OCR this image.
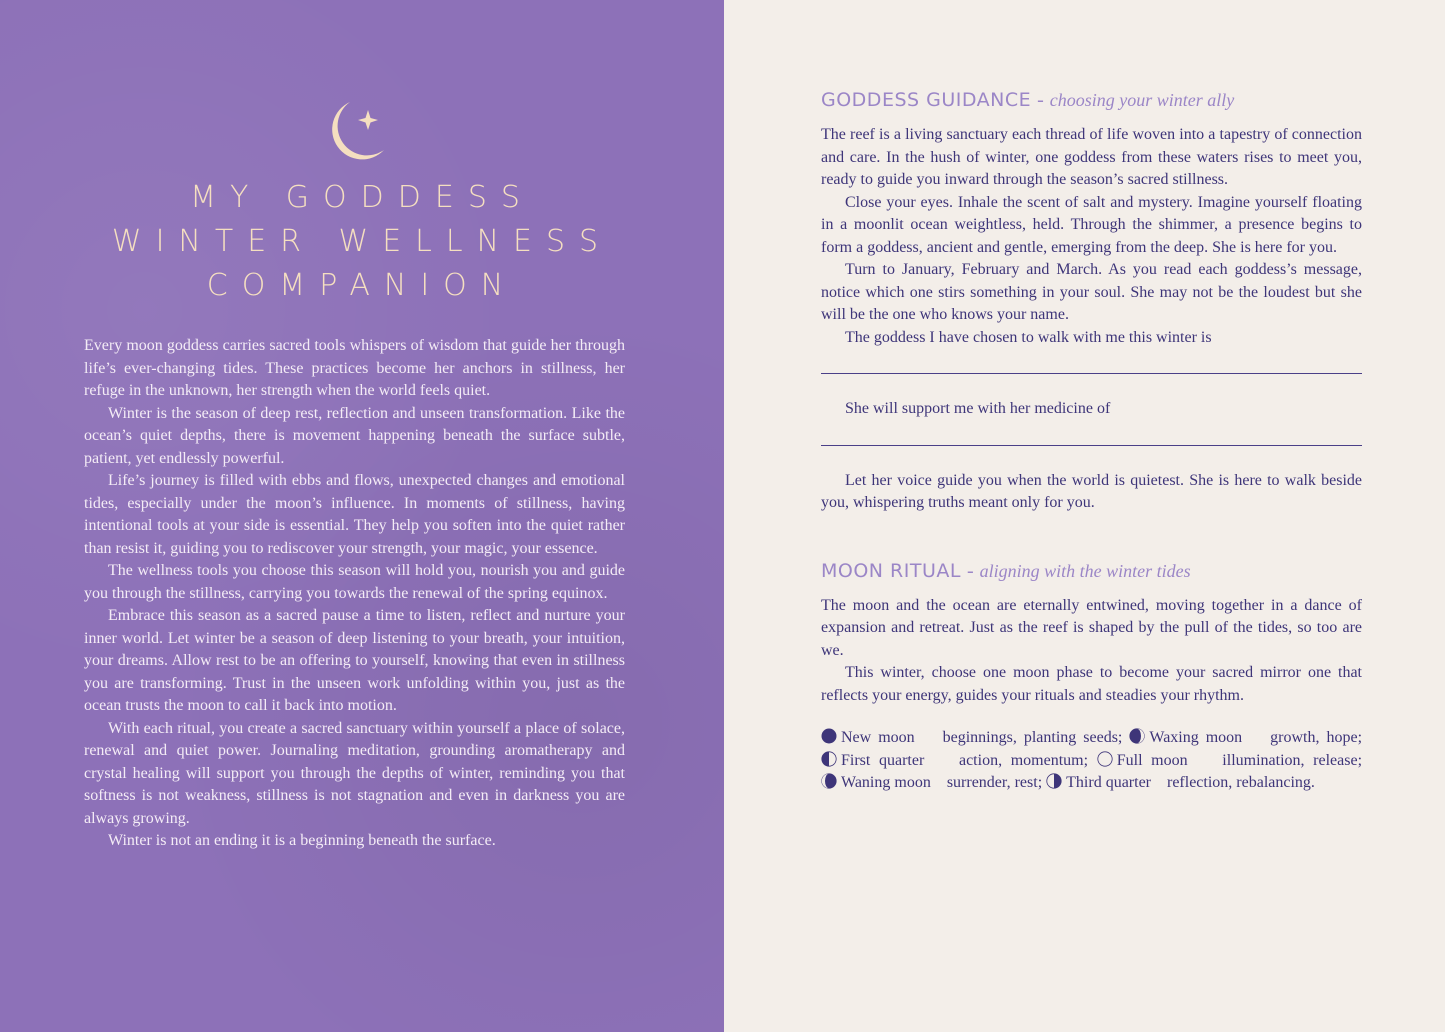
MY GODDESS
WINTER WELLNESS
COMPANION

Every moon goddess carries sacred tools whispers of wisdom that guide her through life’s ever-changing tides. These practices become her anchors in stillness, her refuge in the unknown, her strength when the world feels quiet.

Winter is the season of deep rest, reflection and unseen transformation. Like the ocean’s quiet depths, there is movement happening beneath the surface subtle, patient, yet endlessly powerful.

Life’s journey is filled with ebbs and flows, unexpected changes and emotional tides, especially under the moon’s influence. In moments of stillness, having intentional tools at your side is essential. They help you soften into the quiet rather than resist it, guiding you to rediscover your strength, your magic, your essence.

The wellness tools you choose this season will hold you, nourish you and guide you through the stillness, carrying you towards the renewal of the spring equinox.

Embrace this season as a sacred pause a time to listen, reflect and nurture your inner world. Let winter be a season of deep listening to your breath, your intuition, your dreams. Allow rest to be an offering to yourself, knowing that even in stillness you are transforming. Trust in the unseen work unfolding within you, just as the ocean trusts the moon to call it back into motion.

With each ritual, you create a sacred sanctuary within yourself a place of solace, renewal and quiet power. Journaling meditation, grounding aromatherapy and crystal healing will support you through the depths of winter, reminding you that softness is not weakness, stillness is not stagnation and even in darkness you are always growing.

Winter is not an ending it is a beginning beneath the surface.

GODDESS GUIDANCE - choosing your winter ally

The reef is a living sanctuary each thread of life woven into a tapestry of connection and care. In the hush of winter, one goddess from these waters rises to meet you, ready to guide you inward through the season’s sacred stillness.

Close your eyes. Inhale the scent of salt and mystery. Imagine yourself floating in a moonlit ocean weightless, held. Through the shimmer, a presence begins to form a goddess, ancient and gentle, emerging from the deep. She is here for you.

Turn to January, February and March. As you read each goddess’s message, notice which one stirs something in your soul. She may not be the loudest but she will be the one who knows your name.

The goddess I have chosen to walk with me this winter is

She will support me with her medicine of

Let her voice guide you when the world is quietest. She is here to walk beside you, whispering truths meant only for you.

MOON RITUAL - aligning with the winter tides

The moon and the ocean are eternally entwined, moving together in a dance of expansion and retreat. Just as the reef is shaped by the pull of the tides, so too are we.

This winter, choose one moon phase to become your sacred mirror one that reflects your energy, guides your rituals and steadies your rhythm.

New moon beginnings, planting seeds; Waxing moon growth, hope; First quarter action, momentum; Full moon illumination, release; Waning moon surrender, rest; Third quarter reflection, rebalancing.
